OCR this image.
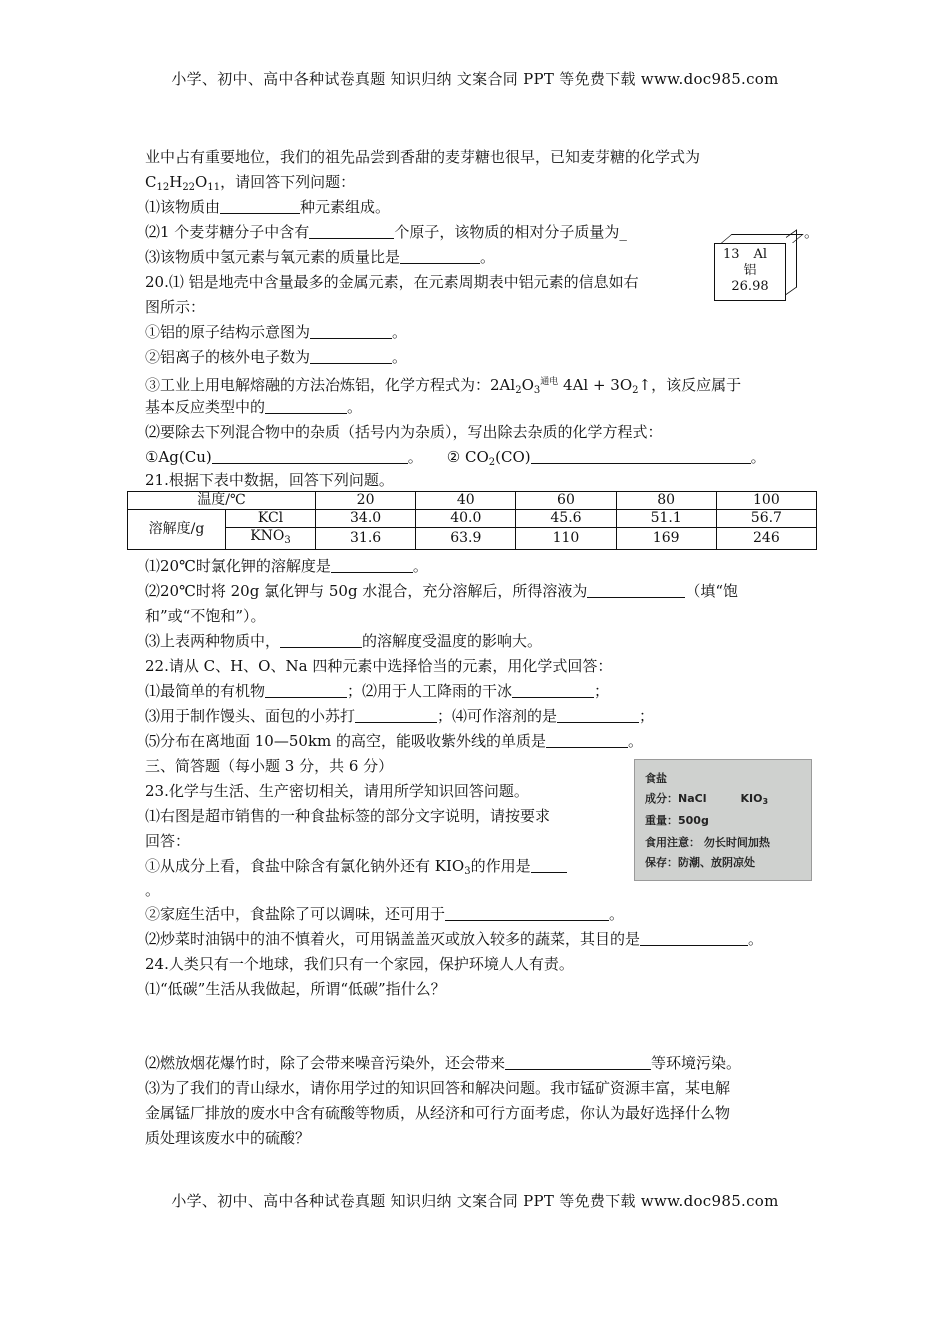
小学、初中、高中各种试卷真题 知识归纳 文案合同 PPT 等免费下载 www.doc985.com
业中占有重要地位，我们的祖先品尝到香甜的麦芽糖也很早，已知麦芽糖的化学式为
$C_{12}H_{22}O_{11}$，请回答下列问题：
⑴该物质由	种元素组成。
⑵1 个麦芽糖分子中含有	个原子，该物质的相对分子质量为_	。
⑶该物质中氢元素与氧元素的质量比是	。	13 Al
铝
26.98
20.⑴ 铝是地壳中含量最多的金属元素，在元素周期表中铝元素的信息如右
图所示：
①铝的原子结构示意图为	。
②铝离子的核外电子数为	。
③工业上用电解熔融的方法冶炼铝，化学方程式为：$2Al_2O_3^{通电}$ $4Al + 3O_2↑$，该反应属于
基本反应类型中的	。
⑵要除去下列混合物中的杂质（括号内为杂质），写出除去杂质的化学方程式：
①Ag(Cu)	。 ② $CO_2(CO)$	。
21.根据下表中数据，回答下列问题。
温度/℃		20	40	60	80	100
溶解度/g	KCl	34.0	40.0	45.6	51.1	56.7
	$KNO_3$	31.6	63.9	110	169	246
⑴20℃时氯化钾的溶解度是	。
⑵20℃时将 20g 氯化钾与 50g 水混合，充分溶解后，所得溶液为	（填“饱
和”或“不饱和”）。
⑶上表两种物质中，	的溶解度受温度的影响大。
22.请从 C、H、O、Na 四种元素中选择恰当的元素，用化学式回答：
⑴最简单的有机物	；⑵用于人工降雨的干冰	；
⑶用于制作馒头、面包的小苏打	；⑷可作溶剂的是	；
⑸分布在离地面 10—50km 的高空，能吸收紫外线的单质是	。
三、简答题（每小题 3 分，共 6 分）
食盐
成分：NaCl	KIO3
重量：500g
食用注意： 勿长时间加热
保存：防潮、放阴凉处
23.化学与生活、生产密切相关，请用所学知识回答问题。
⑴右图是超市销售的一种食盐标签的部分文字说明，请按要求
回答：
①从成分上看，食盐中除含有氯化钠外还有 $KIO_3$的作用是
。
②家庭生活中，食盐除了可以调味，还可用于	。
⑵炒菜时油锅中的油不慎着火，可用锅盖盖灭或放入较多的蔬菜，其目的是	。
24.人类只有一个地球，我们只有一个家园，保护环境人人有责。
⑴“低碳”生活从我做起，所谓“低碳”指什么？
⑵燃放烟花爆竹时，除了会带来噪音污染外，还会带来	等环境污染。
⑶为了我们的青山绿水，请你用学过的知识回答和解决问题。我市锰矿资源丰富，某电解
金属锰厂排放的废水中含有硫酸等物质，从经济和可行方面考虑，你认为最好选择什么物
质处理该废水中的硫酸？
小学、初中、高中各种试卷真题 知识归纳 文案合同 PPT 等免费下载 www.doc985.com
